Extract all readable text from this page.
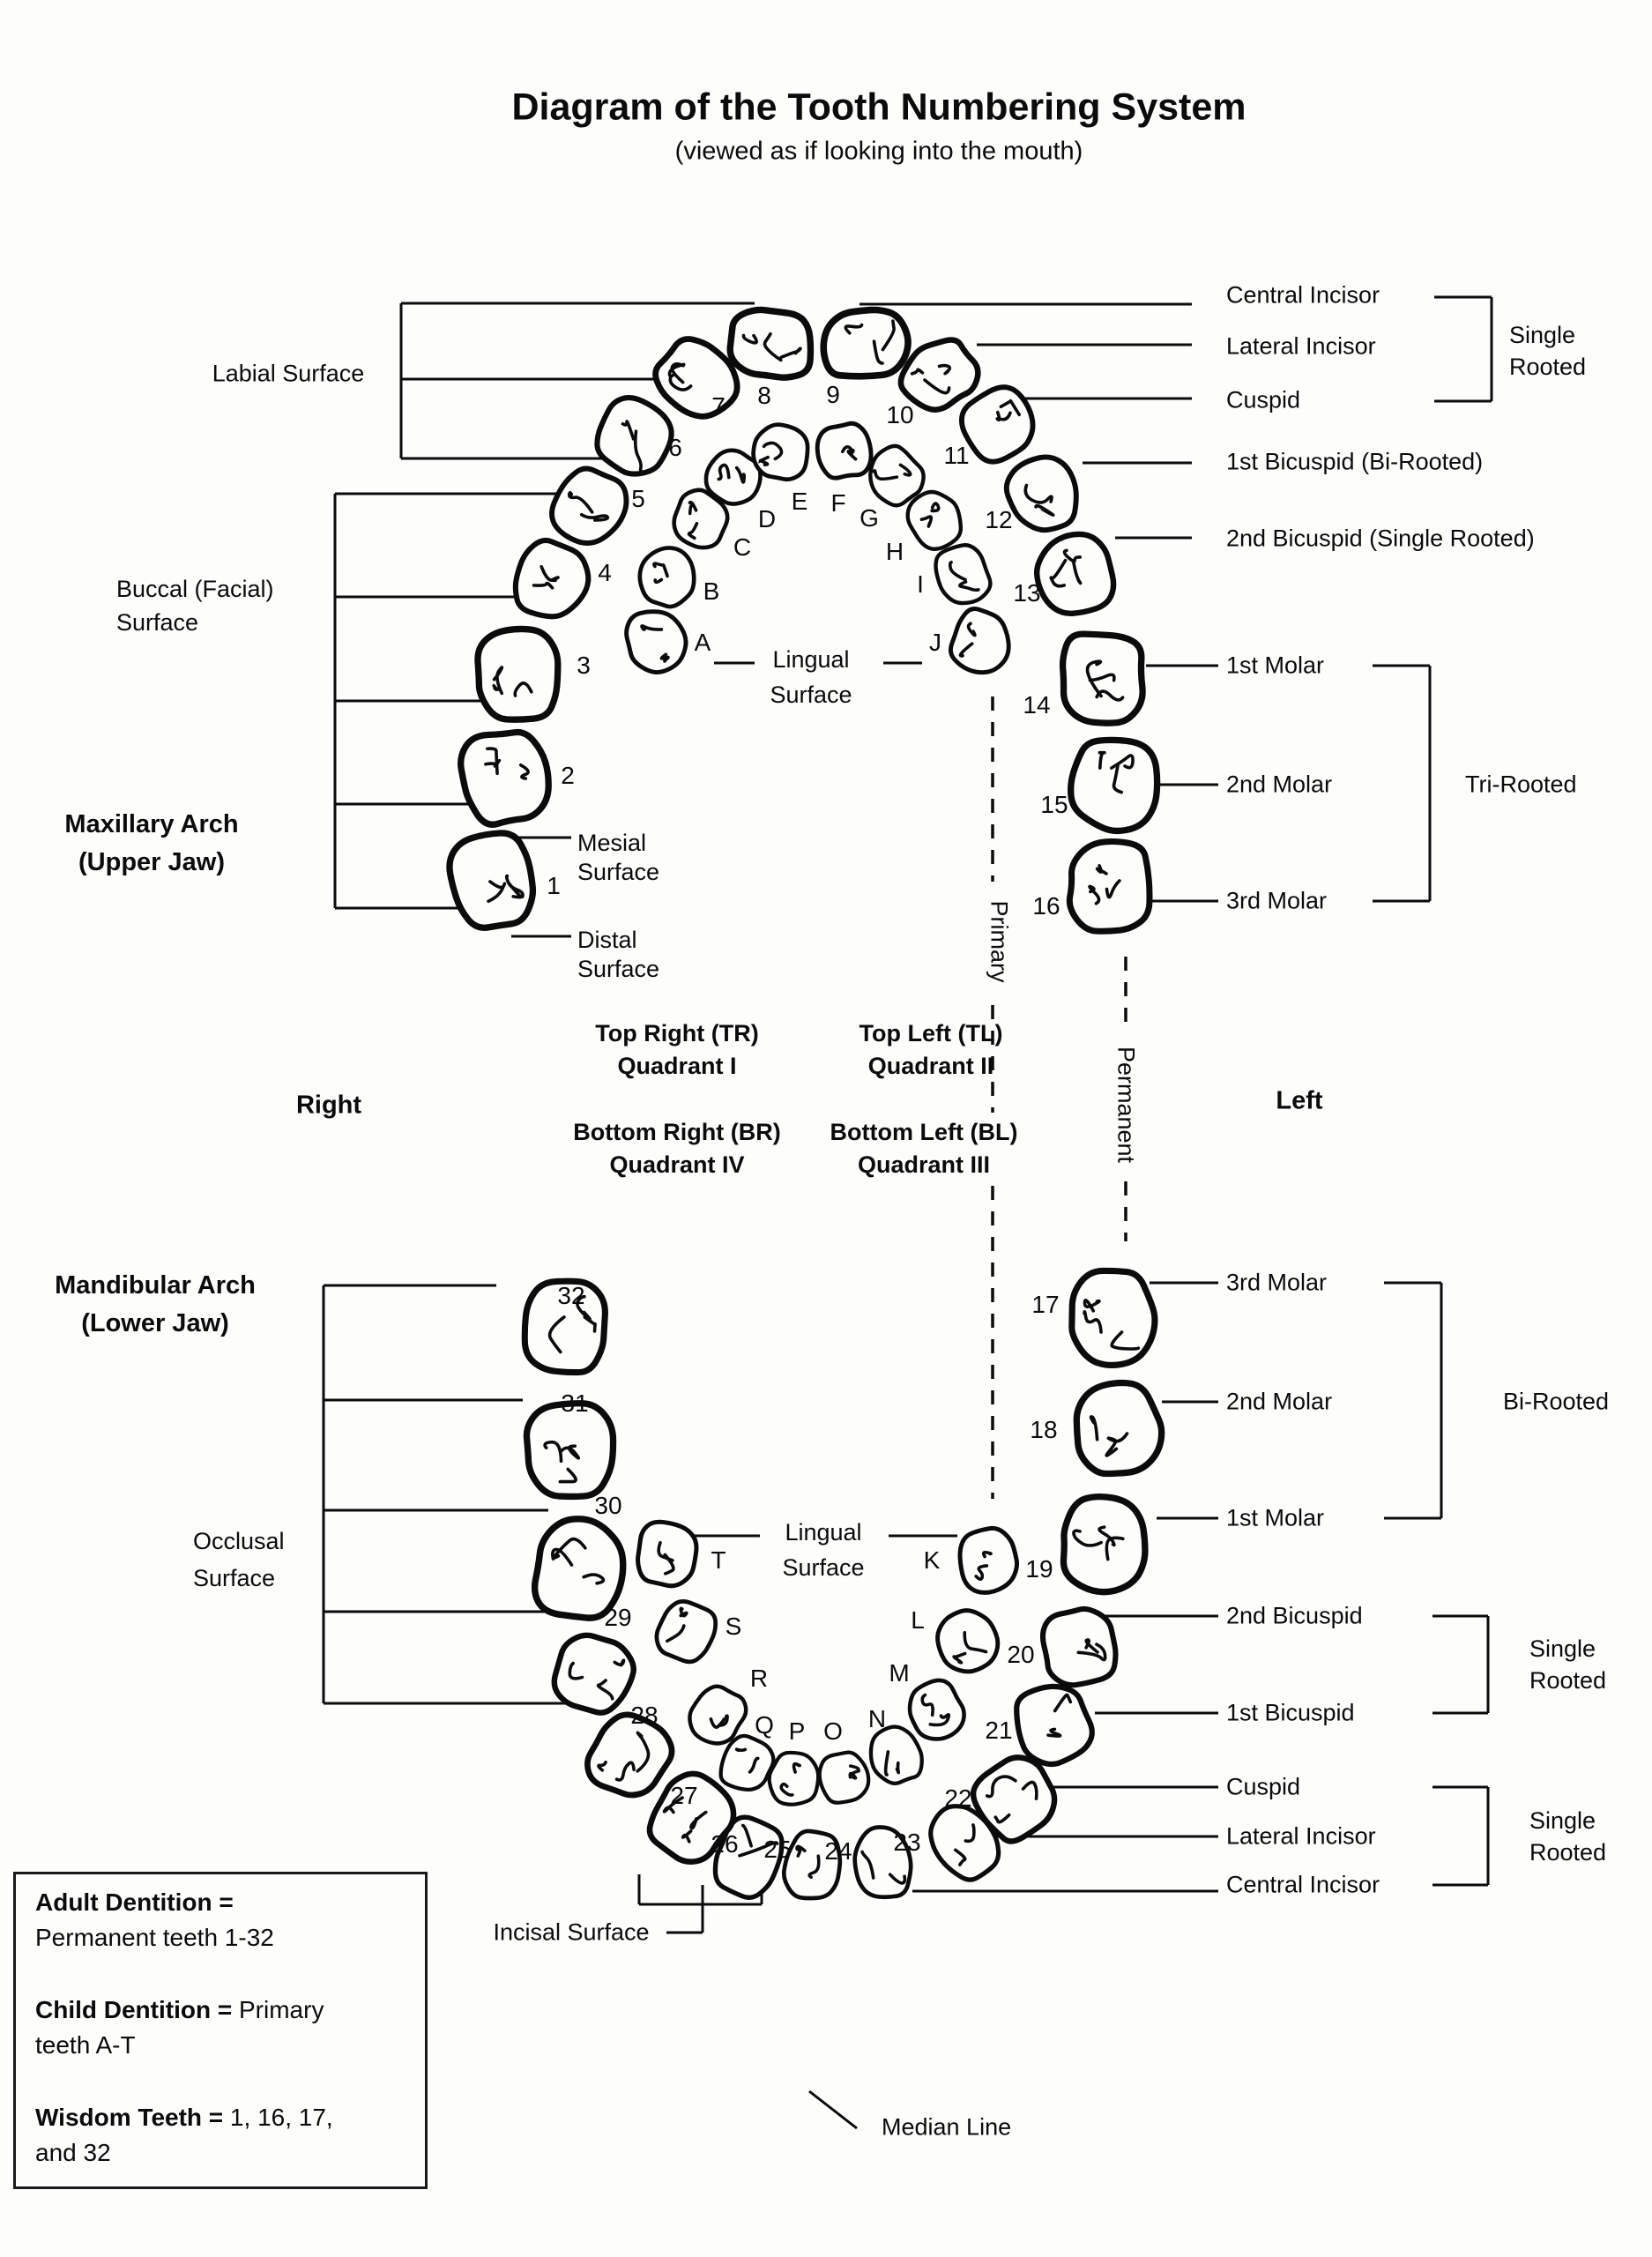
Diagram of the Tooth Numbering System
(viewed as if looking into the mouth)
Labial Surface
Buccal (Facial)
Surface
Maxillary Arch
(Upper Jaw)
Right	Left
Mandibular Arch
(Lower Jaw)
Occlusal
Surface
Mesial
Surface
Distal
Surface
Lingual
Surface
Lingual
Surface
Top Right (TR)
Quadrant I
Top Left (TL)
Quadrant II
Bottom Right (BR)
Quadrant IV
Bottom Left (BL)
Quadrant III
Primary
Permanent
Central Incisor
Lateral Incisor
Cuspid
Single Rooted
1st Bicuspid (Bi-Rooted)
2nd Bicuspid (Single Rooted)
1st Molar
2nd Molar
3rd Molar
Tri-Rooted
3rd Molar
2nd Molar
1st Molar
Bi-Rooted
2nd Bicuspid
1st Bicuspid
Single Rooted
Cuspid
Lateral Incisor
Central Incisor
Single Rooted
Incisal Surface
Median Line

Adult Dentition =
Permanent teeth 1-32

Child Dentition = Primary
teeth A-T

Wisdom Teeth = 1, 16, 17,
and 32

1
2
3
4
5
6
7 8 9
10
11
12
13
14
15
16
A
B
C
D
E F
G
H
I
J
17
18
19
20
21
22
23
24
25
26
27
28
29
30
31
32
K
L
M
N
O
P
Q
R
S
T
